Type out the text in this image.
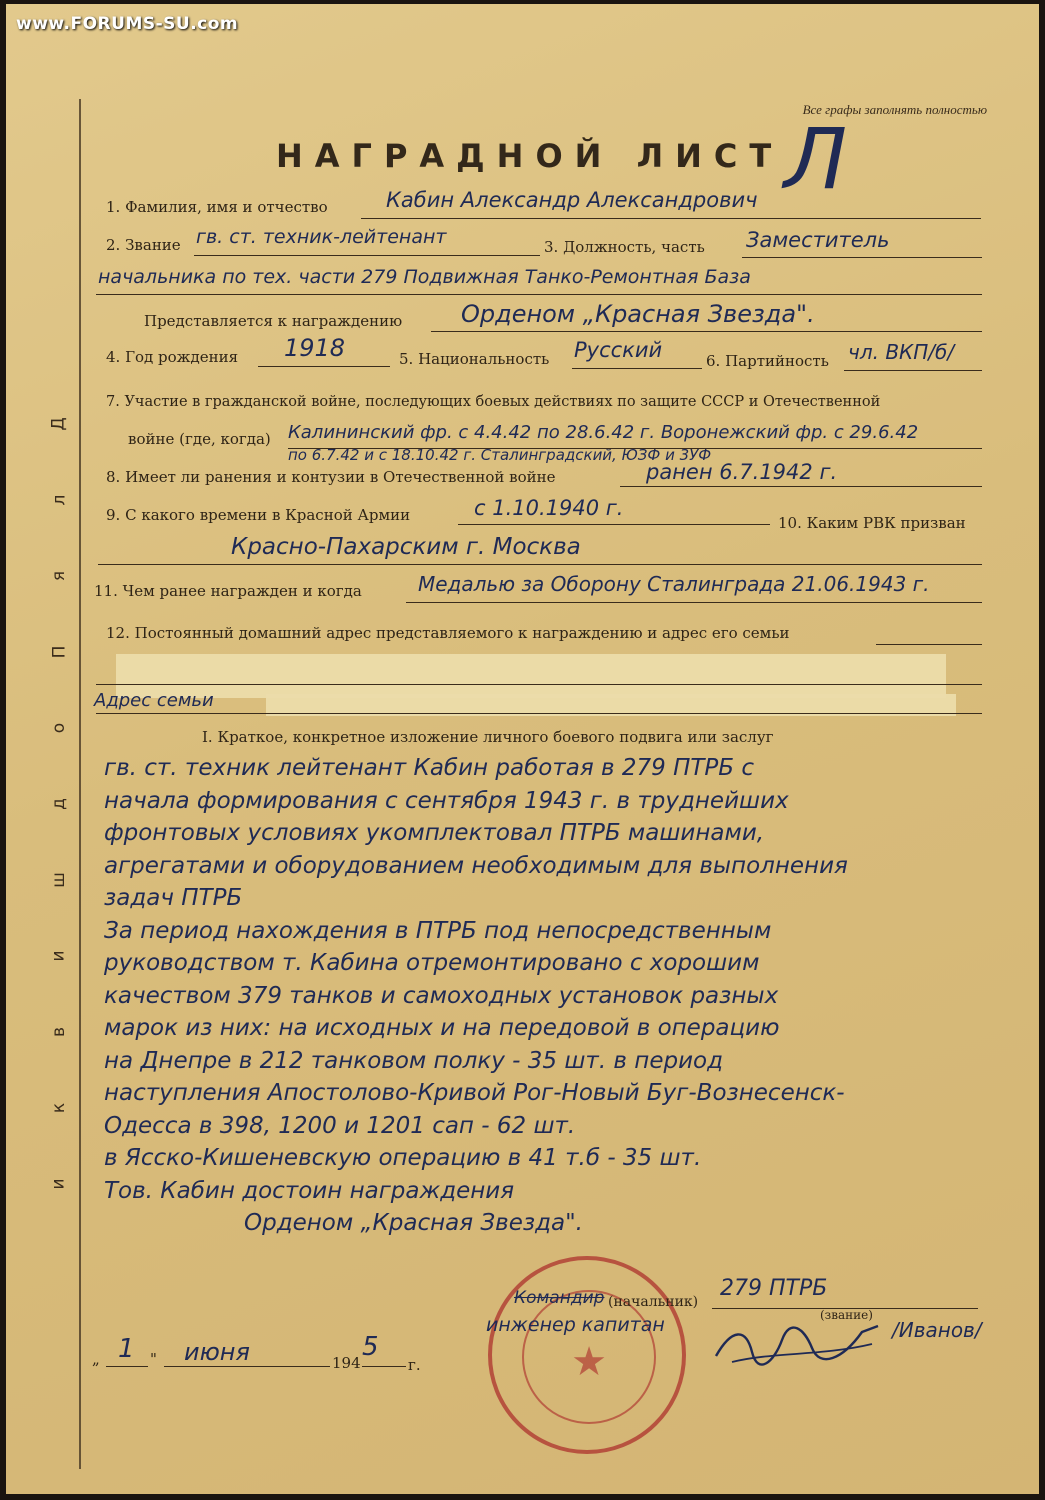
www.FORUMS-SU.com
Д
л
я
П
о
д
ш
и
в
к
и
Все графы заполнять полностью
НАГРАДНОЙ ЛИСТ Л
1. Фамилия, имя и отчество	Кабин Александр Александрович
2. Звание гв. ст. техник-лейтенант	3. Должность, часть Заместитель
начальника по тех. части 279 Подвижная Танко-Ремонтная База
Представляется к награждению Орденом „Красная Звезда".
4. Год рождения 1918	5. Национальность Русский	6. Партийность чл. ВКП/б/
7. Участие в гражданской войне, последующих боевых действиях по защите СССР и Отечественной
войне (где, когда) Калининский фр. с 4.4.42 по 28.6.42 г. Воронежский фр. с 29.6.42
по 6.7.42 и с 18.10.42 г. Сталинградский, ЮЗФ и 3УФ
8. Имеет ли ранения и контузии в Отечественной войне	ранен 6.7.1942 г.
9. С какого времени в Красной Армии	с 1.10.1940 г.
10. Каким РВК призван
Красно-Пахарским г. Москва
11. Чем ранее награжден и когда	Медалью за Оборону Сталинграда 21.06.1943 г.
12. Постоянный домашний адрес представляемого к награждению и адрес его семьи
Адрес семьи
I. Краткое, конкретное изложение личного боевого подвига или заслуг
гв. ст. техник лейтенант Кабин работая в 279 ПТРБ с
начала формирования с сентября 1943 г. в труднейших
фронтовых условиях укомплектовал ПТРБ машинами,
агрегатами и оборудованием необходимым для выполнения
задач ПТРБ
За период нахождения в ПТРБ под непосредственным
руководством т. Кабина отремонтировано с хорошим
качеством 379 танков и самоходных установок разных
марок из них: на исходных и на передовой в операцию
на Днепре в 212 танковом полку - 35 шт. в период
наступления Апостолово-Кривой Рог-Новый Буг-Вознесенск-
Одесса в 398, 1200 и 1201 сап - 62 шт.
в Ясско-Кишеневскую операцию в 41 т.б - 35 шт.
Тов. Кабин достоин награждения
Орденом „Красная Звезда".
★
Командир (начальник)
279 ПТРБ
(звание)
инженер капитан	/Иванов/
„ 1 " июня	194
5
г.
